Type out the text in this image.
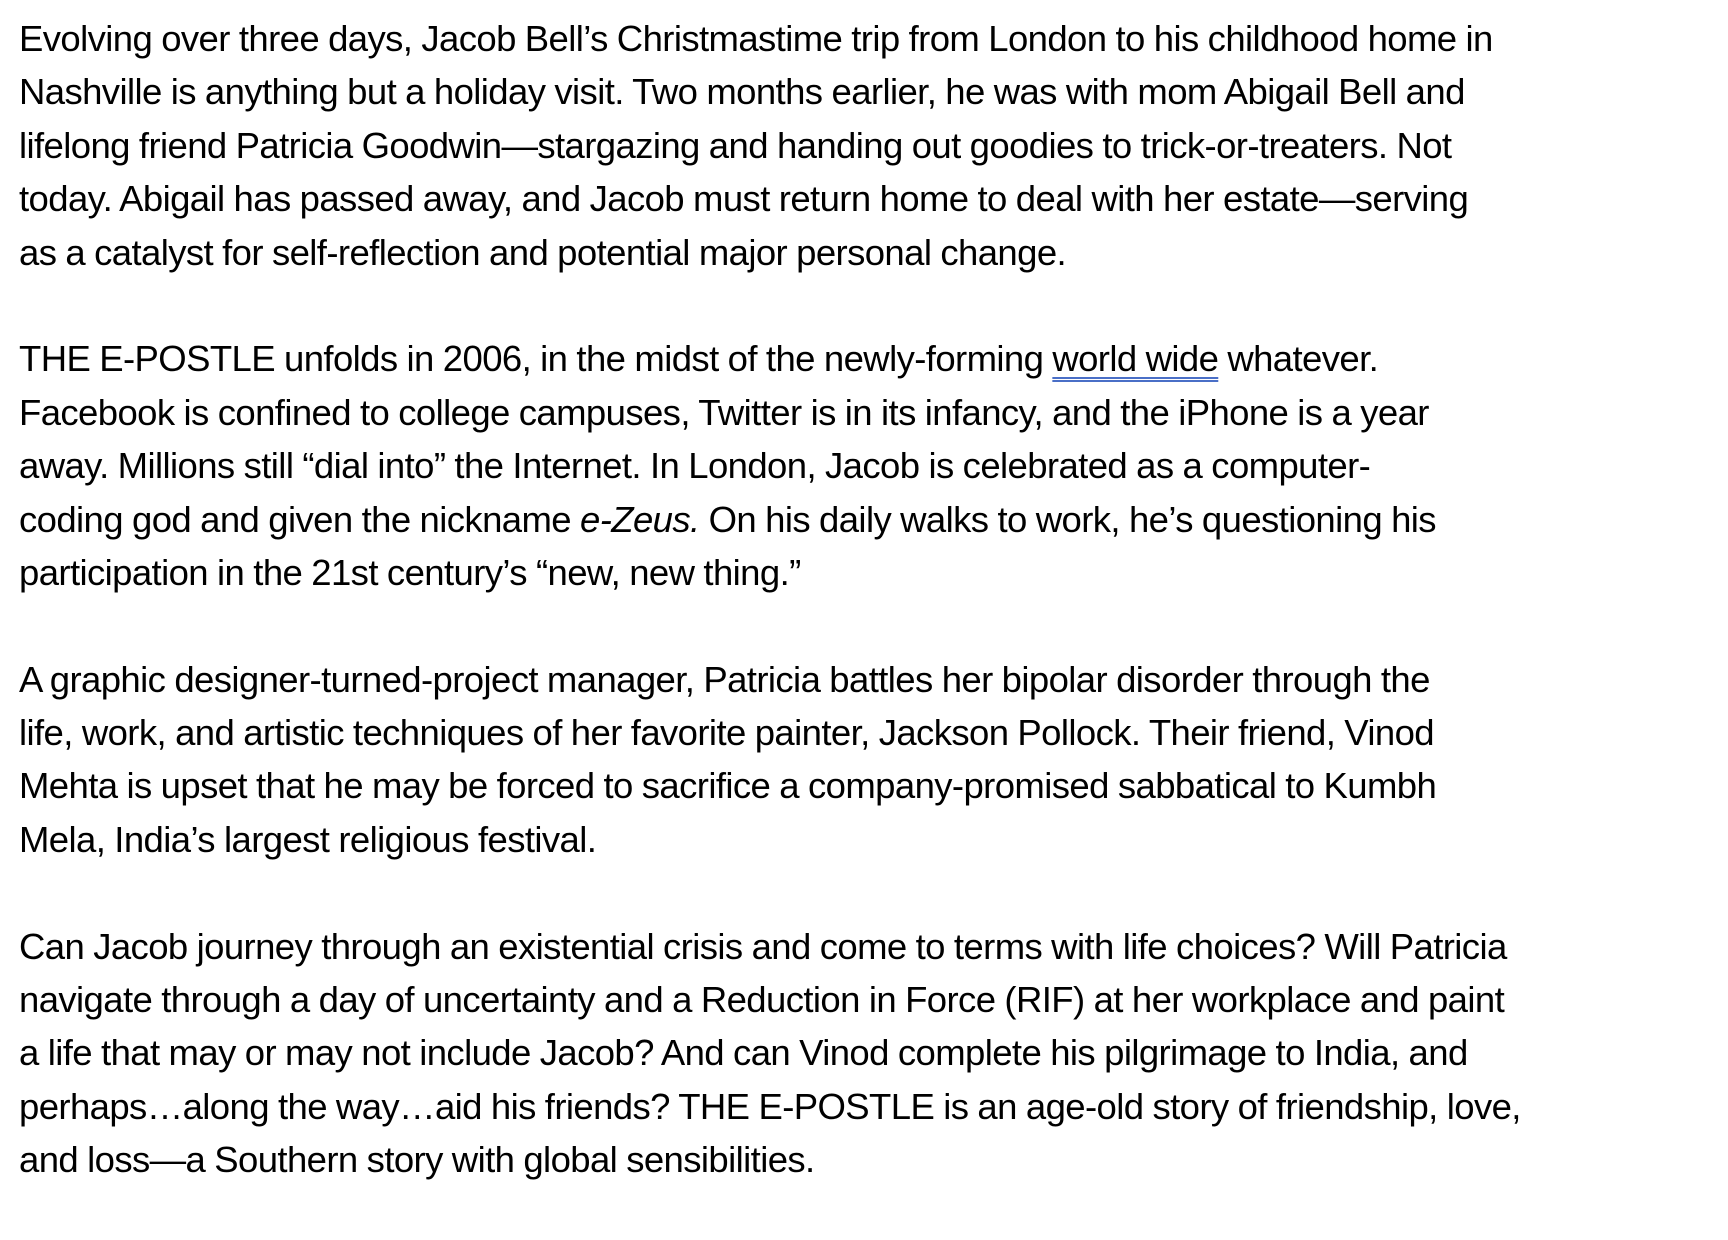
Evolving over three days, Jacob Bell’s Christmastime trip from London to his childhood home in
Nashville is anything but a holiday visit. Two months earlier, he was with mom Abigail Bell and
lifelong friend Patricia Goodwin—stargazing and handing out goodies to trick-or-treaters. Not
today. Abigail has passed away, and Jacob must return home to deal with her estate—serving
as a catalyst for self-reflection and potential major personal change.

THE E-POSTLE unfolds in 2006, in the midst of the newly-forming world wide whatever.
Facebook is confined to college campuses, Twitter is in its infancy, and the iPhone is a year
away. Millions still “dial into” the Internet. In London, Jacob is celebrated as a computer-
coding god and given the nickname e-Zeus. On his daily walks to work, he’s questioning his
participation in the 21st century’s “new, new thing.”

A graphic designer-turned-project manager, Patricia battles her bipolar disorder through the
life, work, and artistic techniques of her favorite painter, Jackson Pollock. Their friend, Vinod
Mehta is upset that he may be forced to sacrifice a company-promised sabbatical to Kumbh
Mela, India’s largest religious festival.

Can Jacob journey through an existential crisis and come to terms with life choices? Will Patricia
navigate through a day of uncertainty and a Reduction in Force (RIF) at her workplace and paint
a life that may or may not include Jacob? And can Vinod complete his pilgrimage to India, and
perhaps…along the way…aid his friends? THE E-POSTLE is an age-old story of friendship, love,
and loss—a Southern story with global sensibilities.
